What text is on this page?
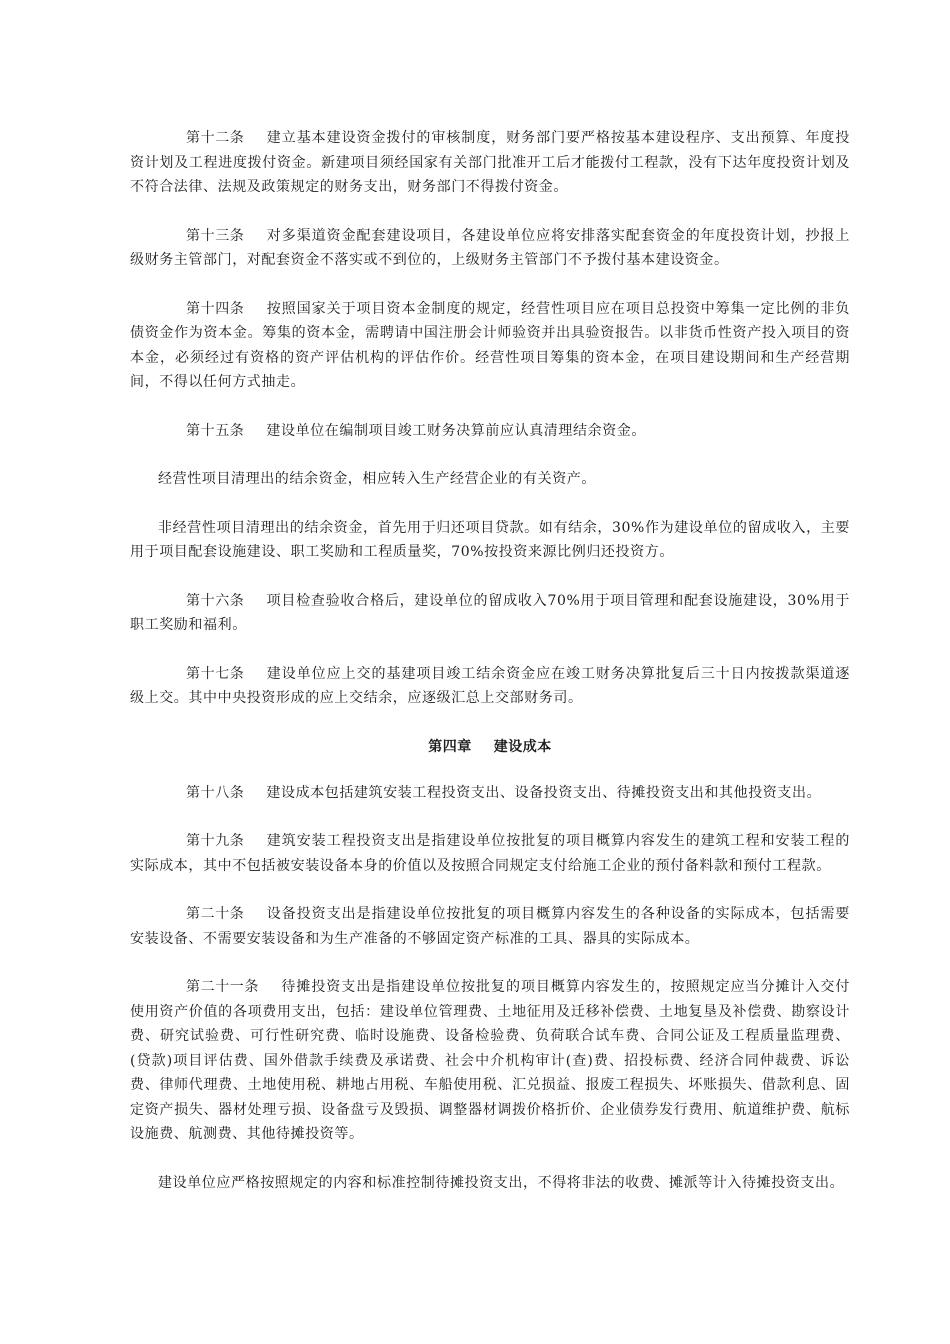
第十二条 建立基本建设资金拨付的审核制度，财务部门要严格按基本建设程序、支出预算、年度投资计划及工程进度拨付资金。新建项目须经国家有关部门批准开工后才能拨付工程款，没有下达年度投资计划及不符合法律、法规及政策规定的财务支出，财务部门不得拨付资金。

第十三条 对多渠道资金配套建设项目，各建设单位应将安排落实配套资金的年度投资计划，抄报上级财务主管部门，对配套资金不落实或不到位的，上级财务主管部门不予拨付基本建设资金。

第十四条 按照国家关于项目资本金制度的规定，经营性项目应在项目总投资中筹集一定比例的非负债资金作为资本金。筹集的资本金，需聘请中国注册会计师验资并出具验资报告。以非货币性资产投入项目的资本金，必须经过有资格的资产评估机构的评估作价。经营性项目筹集的资本金，在项目建设期间和生产经营期间，不得以任何方式抽走。

第十五条 建设单位在编制项目竣工财务决算前应认真清理结余资金。

经营性项目清理出的结余资金，相应转入生产经营企业的有关资产。

非经营性项目清理出的结余资金，首先用于归还项目贷款。如有结余，30%作为建设单位的留成收入，主要用于项目配套设施建设、职工奖励和工程质量奖，70%按投资来源比例归还投资方。

第十六条 项目检查验收合格后，建设单位的留成收入70%用于项目管理和配套设施建设，30%用于职工奖励和福利。

第十七条 建设单位应上交的基建项目竣工结余资金应在竣工财务决算批复后三十日内按拨款渠道逐级上交。其中中央投资形成的应上交结余，应逐级汇总上交部财务司。

第四章 建设成本

第十八条 建设成本包括建筑安装工程投资支出、设备投资支出、待摊投资支出和其他投资支出。

第十九条 建筑安装工程投资支出是指建设单位按批复的项目概算内容发生的建筑工程和安装工程的实际成本，其中不包括被安装设备本身的价值以及按照合同规定支付给施工企业的预付备料款和预付工程款。

第二十条 设备投资支出是指建设单位按批复的项目概算内容发生的各种设备的实际成本，包括需要安装设备、不需要安装设备和为生产准备的不够固定资产标准的工具、器具的实际成本。

第二十一条 待摊投资支出是指建设单位按批复的项目概算内容发生的，按照规定应当分摊计入交付使用资产价值的各项费用支出，包括：建设单位管理费、土地征用及迁移补偿费、土地复垦及补偿费、勘察设计费、研究试验费、可行性研究费、临时设施费、设备检验费、负荷联合试车费、合同公证及工程质量监理费、(贷款)项目评估费、国外借款手续费及承诺费、社会中介机构审计(查)费、招投标费、经济合同仲裁费、诉讼费、律师代理费、土地使用税、耕地占用税、车船使用税、汇兑损益、报废工程损失、坏账损失、借款利息、固定资产损失、器材处理亏损、设备盘亏及毁损、调整器材调拨价格折价、企业债券发行费用、航道维护费、航标设施费、航测费、其他待摊投资等。

建设单位应严格按照规定的内容和标准控制待摊投资支出，不得将非法的收费、摊派等计入待摊投资支出。
